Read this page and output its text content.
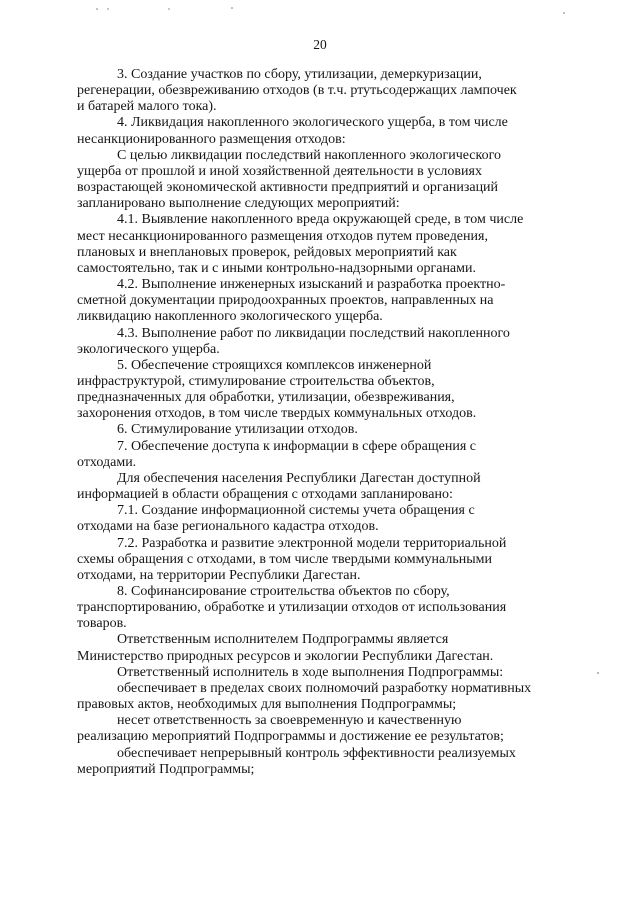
20

3. Создание участков по сбору, утилизации, демеркуризации,
регенерации, обезвреживанию отходов (в т.ч. ртутьсодержащих лампочек
и батарей малого тока).

4. Ликвидация накопленного экологического ущерба, в том числе
несанкционированного размещения отходов:

С целью ликвидации последствий накопленного экологического
ущерба от прошлой и иной хозяйственной деятельности в условиях
возрастающей экономической активности предприятий и организаций
запланировано выполнение следующих мероприятий:

4.1. Выявление накопленного вреда окружающей среде, в том числе
мест несанкционированного размещения отходов путем проведения,
плановых и внеплановых проверок, рейдовых мероприятий как
самостоятельно, так и с иными контрольно-надзорными органами.

4.2. Выполнение инженерных изысканий и разработка проектно-
сметной документации природоохранных проектов, направленных на
ликвидацию накопленного экологического ущерба.

4.3. Выполнение работ по ликвидации последствий накопленного
экологического ущерба.

5. Обеспечение строящихся комплексов инженерной
инфраструктурой, стимулирование строительства объектов,
предназначенных для обработки, утилизации, обезвреживания,
захоронения отходов, в том числе твердых коммунальных отходов.

6. Стимулирование утилизации отходов.

7. Обеспечение доступа к информации в сфере обращения с
отходами.

Для обеспечения населения Республики Дагестан доступной
информацией в области обращения с отходами запланировано:

7.1. Создание информационной системы учета обращения с
отходами на базе регионального кадастра отходов.

7.2. Разработка и развитие электронной модели территориальной
схемы обращения с отходами, в том числе твердыми коммунальными
отходами, на территории Республики Дагестан.

8. Софинансирование строительства объектов по сбору,
транспортированию, обработке и утилизации отходов от использования
товаров.

Ответственным исполнителем Подпрограммы является
Министерство природных ресурсов и экологии Республики Дагестан.

Ответственный исполнитель в ходе выполнения Подпрограммы:

обеспечивает в пределах своих полномочий разработку нормативных
правовых актов, необходимых для выполнения Подпрограммы;

несет ответственность за своевременную и качественную
реализацию мероприятий Подпрограммы и достижение ее результатов;

обеспечивает непрерывный контроль эффективности реализуемых
мероприятий Подпрограммы;
